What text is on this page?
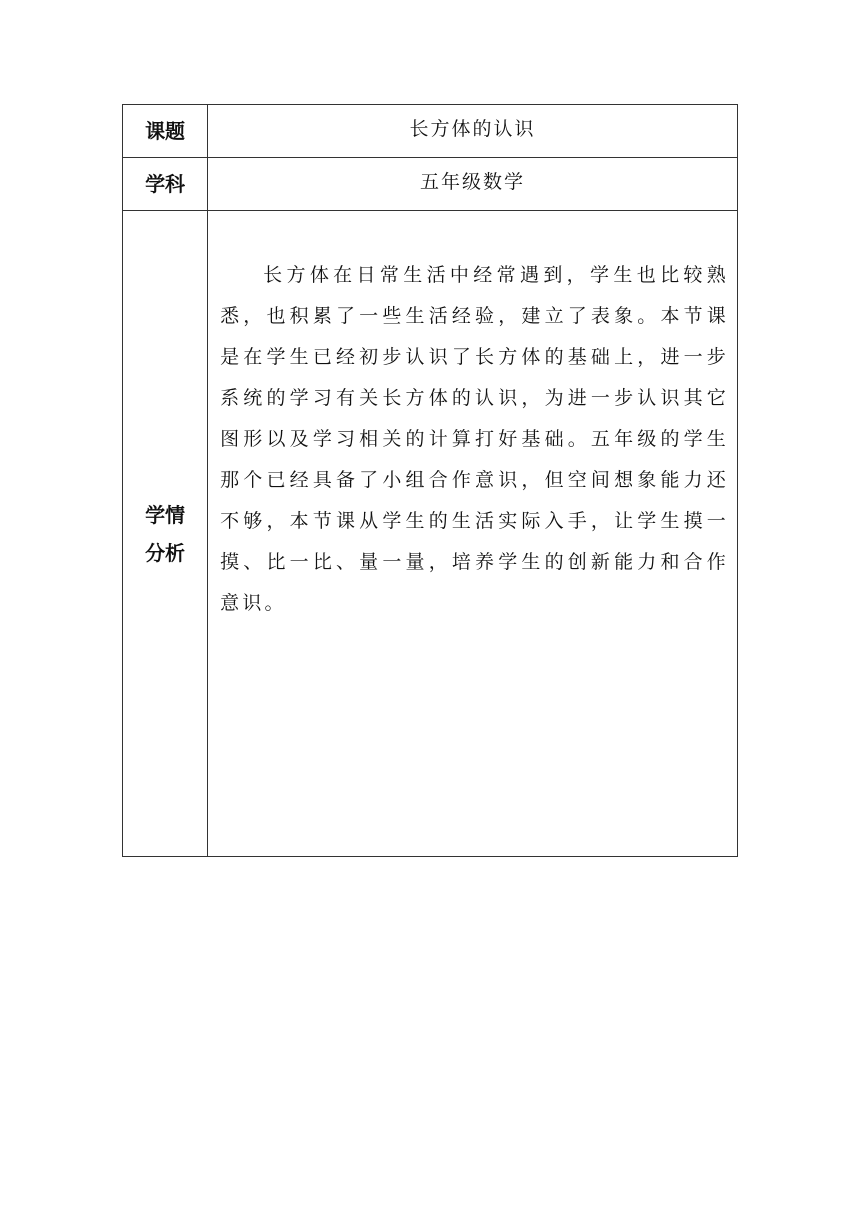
课题	长方体的认识
学科	五年级数学

学情
分析	长方体在日常生活中经常遇到，学生也比较熟悉，也积累了一些生活经验，建立了表象。本节课是在学生已经初步认识了长方体的基础上，进一步系统的学习有关长方体的认识，为进一步认识其它图形以及学习相关的计算打好基础。五年级的学生那个已经具备了小组合作意识，但空间想象能力还不够，本节课从学生的生活实际入手，让学生摸一摸、比一比、量一量，培养学生的创新能力和合作意识。
